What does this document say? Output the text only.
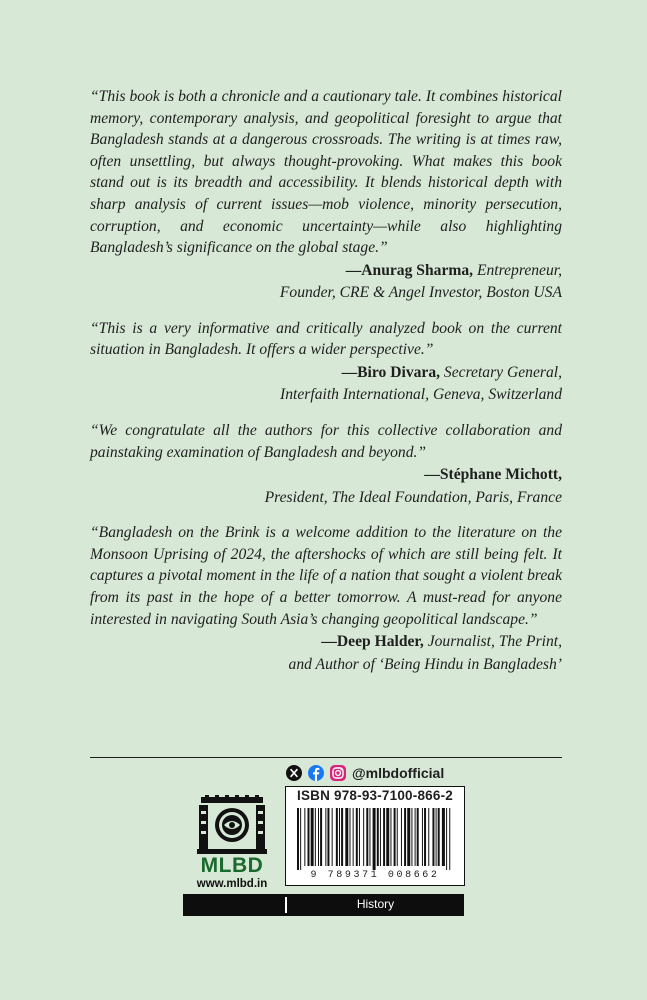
“This book is both a chronicle and a cautionary tale. It combines historical memory, contemporary analysis, and geopolitical foresight to argue that Bangladesh stands at a dangerous crossroads. The writing is at times raw, often unsettling, but always thought-provoking. What makes this book stand out is its breadth and accessibility. It blends historical depth with sharp analysis of current issues—mob violence, minority persecution, corruption, and economic uncertainty—while also highlighting Bangladesh’s significance on the global stage.”

—Anurag Sharma, Entrepreneur,
Founder, CRE & Angel Investor, Boston USA

“This is a very informative and critically analyzed book on the current situation in Bangladesh. It offers a wider perspective.”

—Biro Divara, Secretary General,
Interfaith International, Geneva, Switzerland

“We congratulate all the authors for this collective collaboration and painstaking examination of Bangladesh and beyond.”

—Stéphane Michott,
President, The Ideal Foundation, Paris, France

“Bangladesh on the Brink is a welcome addition to the literature on the Monsoon Uprising of 2024, the aftershocks of which are still being felt. It captures a pivotal moment in the life of a nation that sought a violent break from its past in the hope of a better tomorrow. A must-read for anyone interested in navigating South Asia’s changing geopolitical landscape.”

—Deep Halder, Journalist, The Print,
and Author of ‘Being Hindu in Bangladesh’

@mlbdofficial
MLBD
www.mlbd.in
ISBN 978-93-7100-866-2
9 789371 008662
History
